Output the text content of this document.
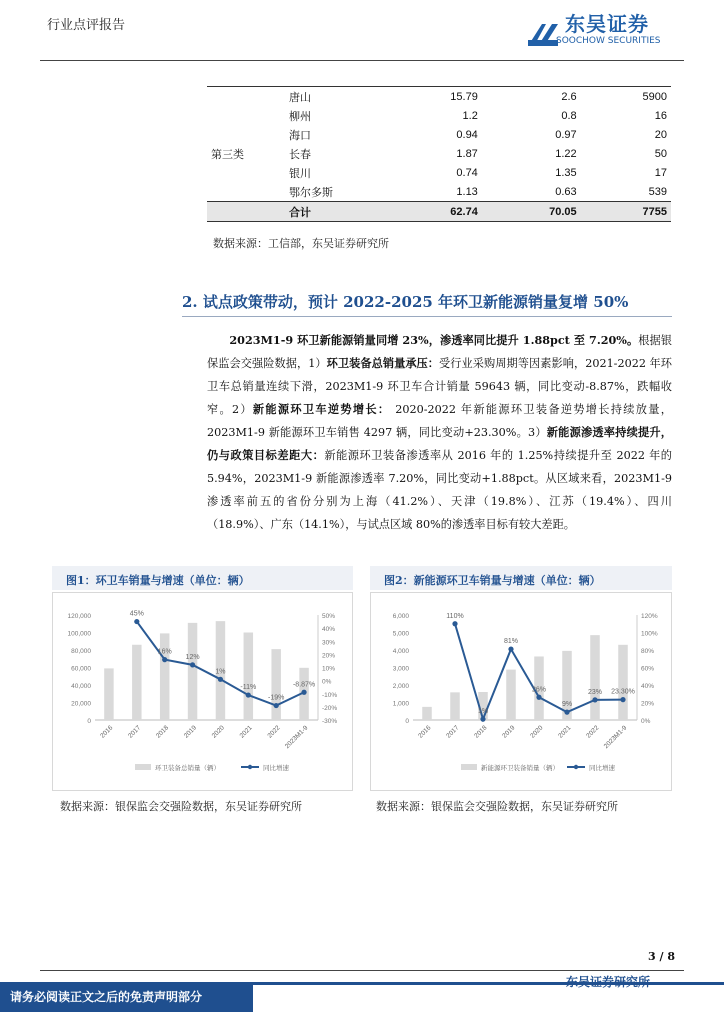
行业点评报告	东吴证券
SOOCHOW SECURITIES
	唐山	15.79	2.6	5900
	柳州	1.2	0.8	16
	海口	0.94	0.97	20
第三类	长春	1.87	1.22	50
	银川	0.74	1.35	17
	鄂尔多斯	1.13	0.63	539
	合计	62.74	70.05	7755
数据来源：工信部，东吴证券研究所
2. 试点政策带动，预计 2022-2025 年环卫新能源销量复增 50%
2023M1-9 环卫新能源销量同增 23%，渗透率同比提升 1.88pct 至 7.20%。根据银保监会交强险数据，1）环卫装备总销量承压：受行业采购周期等因素影响，2021-2022 年环卫车总销量连续下滑，2023M1-9 环卫车合计销量 59643 辆，同比变动-8.87%，跌幅收窄。2）新能源环卫车逆势增长： 2020-2022 年新能源环卫装备逆势增长持续放量，2023M1-9 新能源环卫车销售 4297 辆，同比变动+23.30%。3）新能源渗透率持续提升，仍与政策目标差距大：新能源环卫装备渗透率从 2016 年的 1.25%持续提升至 2022 年的 5.94%，2023M1-9 新能源渗透率 7.20%，同比变动+1.88pct。从区域来看，2023M1-9 渗透率前五的省份分别为上海（41.2%）、天津（19.8%）、江苏（19.4%）、四川（18.9%）、广东（14.1%），与试点区域 80%的渗透率目标有较大差距。
图1：环卫车销量与增速（单位：辆）
0
20,000
40,000
60,000
80,000
100,000
120,000
-30%
-20%
-10%
0%
10%
20%
30%
40%
50%
2016 2017 2018 2019 2020 2021 2022 2023M1-9
45%
16%
12%
1%
-11%
-19%
-8.87%
环卫装备总销量（辆）	同比增速
数据来源：银保监会交强险数据，东吴证券研究所
图2：新能源环卫车销量与增速（单位：辆）
0
1,000
2,000
3,000
4,000
5,000
6,000
0%
20%
40%
60%
80%
100%
120%
2016 2017 2018 2019 2020 2021 2022 2023M1-9
110%
1%
81%
26%
9%
23% 23.30%
新能源环卫装备销量（辆）	同比增速
数据来源：银保监会交强险数据，东吴证券研究所
3 / 8
请务必阅读正文之后的免责声明部分
